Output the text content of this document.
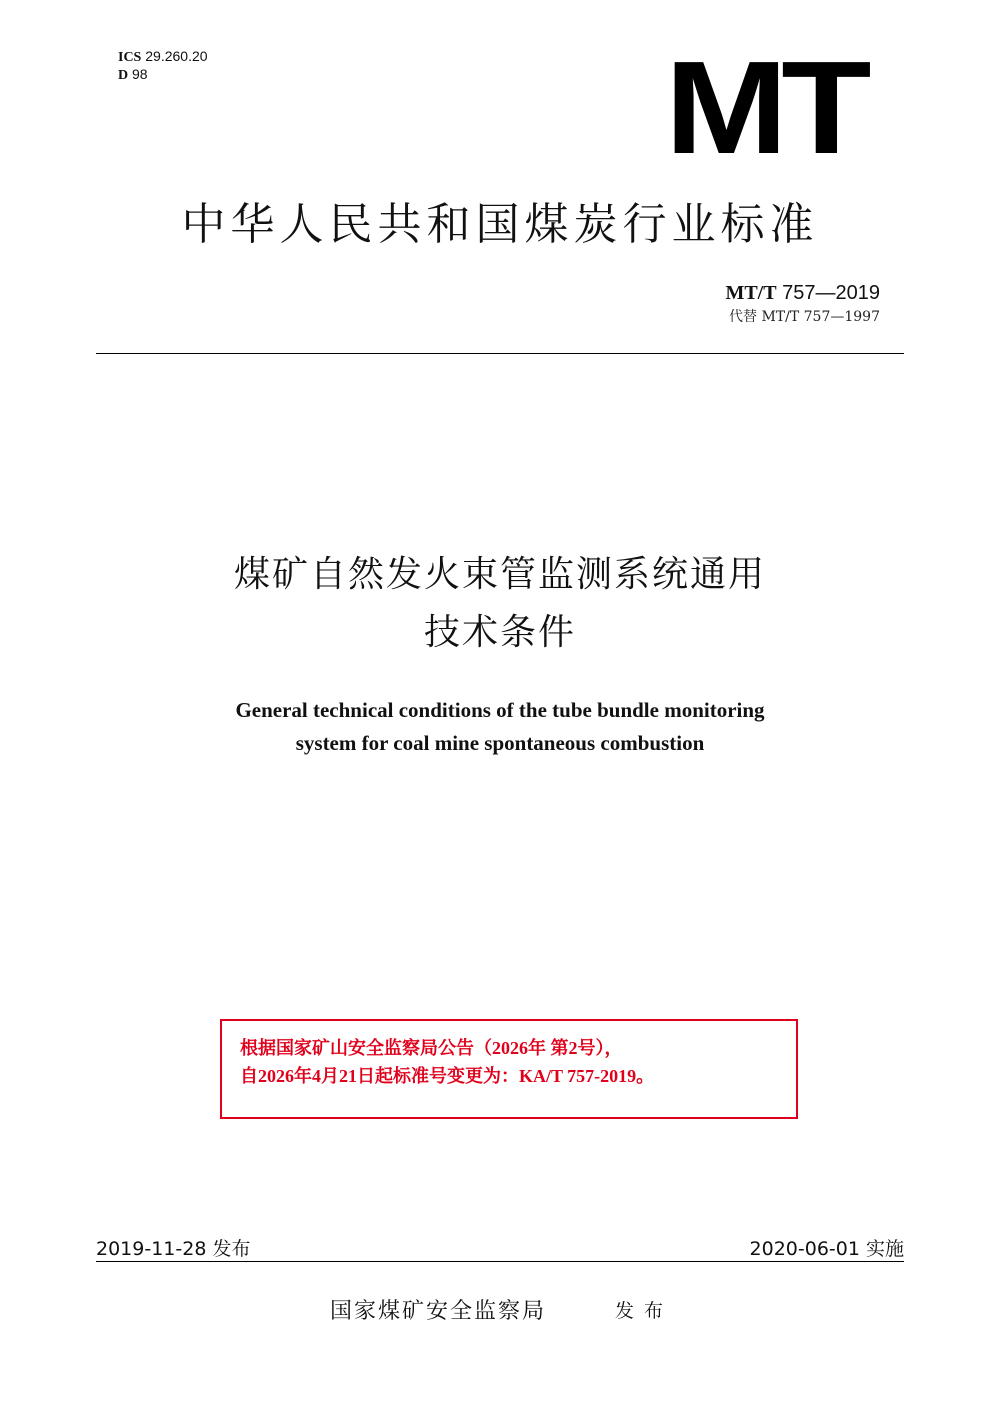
ICS 29.260.20
D 98	MT
中华人民共和国煤炭行业标准
MT/T 757—2019
代替 MT/T 757—1997
煤矿自然发火束管监测系统通用
技术条件
General technical conditions of the tube bundle monitoring
system for coal mine spontaneous combustion
根据国家矿山安全监察局公告（2026年 第2号），
自2026年4月21日起标准号变更为：KA/T 757-2019。
2019-11-28 发布	2020-06-01 实施
国家煤矿安全监察局	发布
